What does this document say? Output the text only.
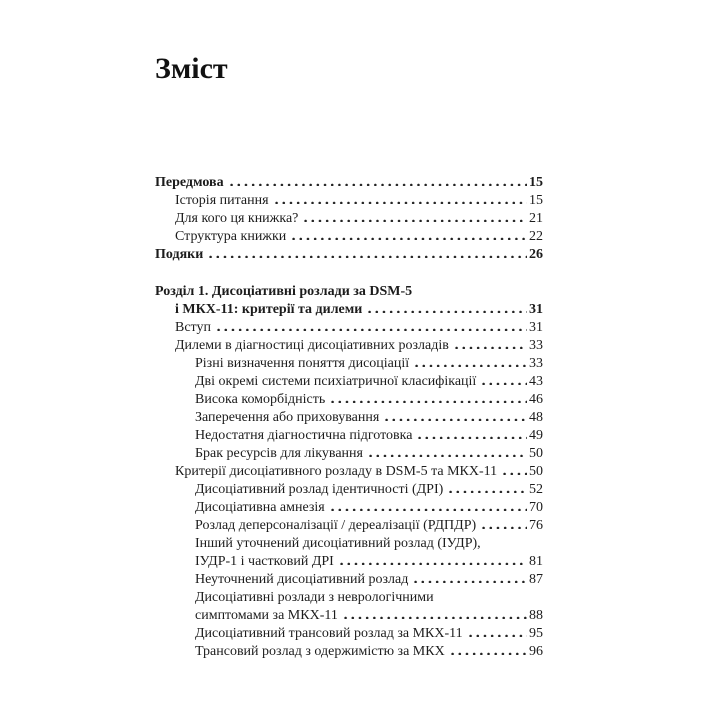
Зміст
Передмова	15
Історія питання	15
Для кого ця книжка?	21
Структура книжки	22
Подяки	26
Розділ 1. Дисоціативні розлади за DSM-5
і МКХ-11: критерії та дилеми	31
Вступ	31
Дилеми в діагностиці дисоціативних розладів	33
Різні визначення поняття дисоціації	33
Дві окремі системи психіатричної класифікації	43
Висока коморбідність	46
Заперечення або приховування	48
Недостатня діагностична підготовка	49
Брак ресурсів для лікування	50
Критерії дисоціативного розладу в DSM-5 та МКХ-11 50
Дисоціативний розлад ідентичності (ДРІ)	52
Дисоціативна амнезія	70
Розлад деперсоналізації / дереалізації (РДПДР)	76
Інший уточнений дисоціативний розлад (ІУДР),
ІУДР-1 і частковий ДРІ	81
Неуточнений дисоціативний розлад	87
Дисоціативні розлади з неврологічними
симптомами за МКХ-11	88
Дисоціативний трансовий розлад за МКХ-11	95
Трансовий розлад з одержимістю за МКХ	96
